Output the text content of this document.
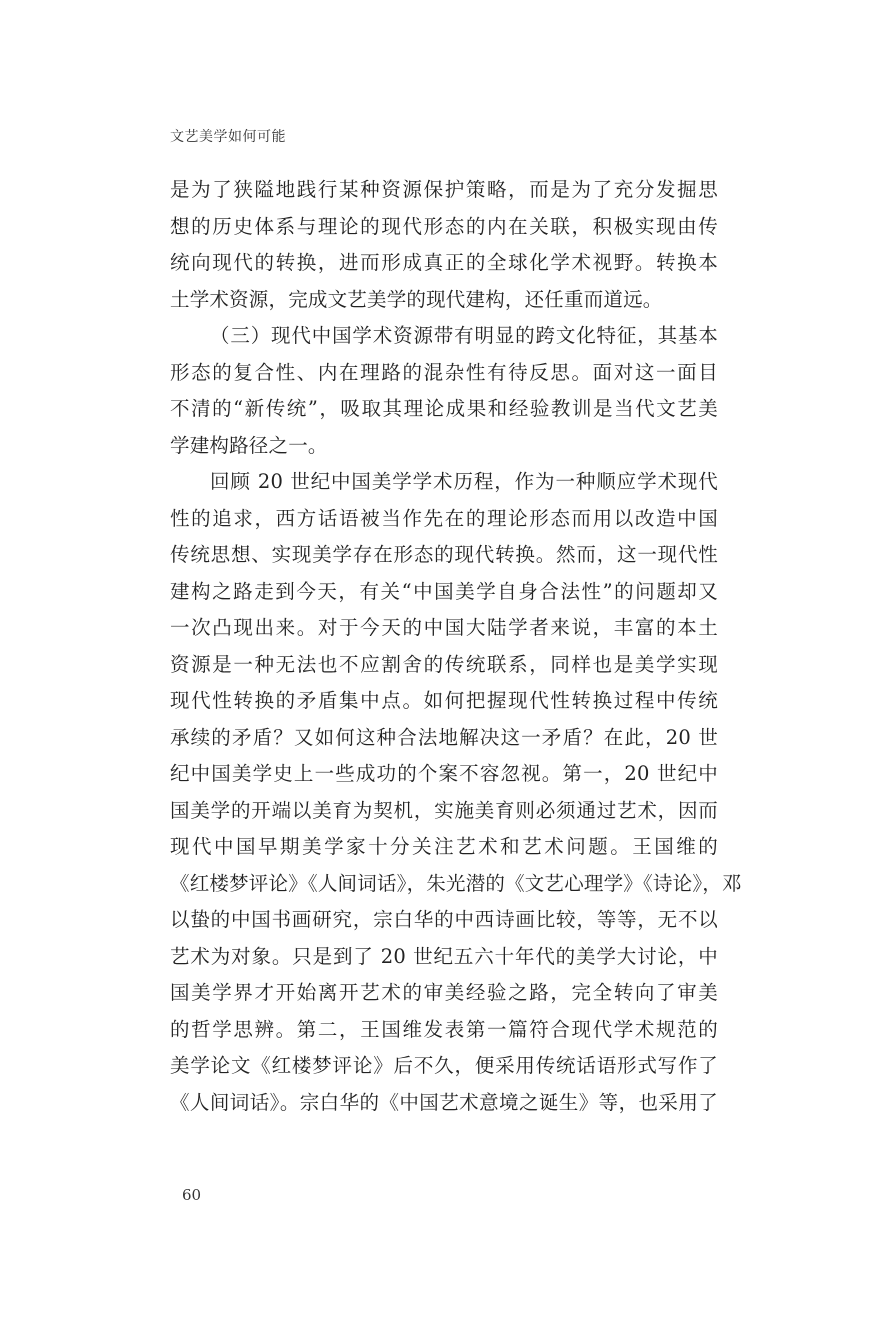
文艺美学如何可能
是为了狭隘地践行某种资源保护策略，而是为了充分发掘思
想的历史体系与理论的现代形态的内在关联，积极实现由传
统向现代的转换，进而形成真正的全球化学术视野。转换本
土学术资源，完成文艺美学的现代建构，还任重而道远。
（三）现代中国学术资源带有明显的跨文化特征，其基本
形态的复合性、内在理路的混杂性有待反思。面对这一面目
不清的“新传统”，吸取其理论成果和经验教训是当代文艺美
学建构路径之一。
回顾 20 世纪中国美学学术历程，作为一种顺应学术现代
性的追求，西方话语被当作先在的理论形态而用以改造中国
传统思想、实现美学存在形态的现代转换。然而，这一现代性
建构之路走到今天，有关“中国美学自身合法性”的问题却又
一次凸现出来。对于今天的中国大陆学者来说，丰富的本土
资源是一种无法也不应割舍的传统联系，同样也是美学实现
现代性转换的矛盾集中点。如何把握现代性转换过程中传统
承续的矛盾？又如何这种合法地解决这一矛盾？在此，20 世
纪中国美学史上一些成功的个案不容忽视。第一，20 世纪中
国美学的开端以美育为契机，实施美育则必须通过艺术，因而
现代中国早期美学家十分关注艺术和艺术问题。王国维的
《红楼梦评论》《人间词话》，朱光潜的《文艺心理学》《诗论》，邓
以蛰的中国书画研究，宗白华的中西诗画比较，等等，无不以
艺术为对象。只是到了 20 世纪五六十年代的美学大讨论，中
国美学界才开始离开艺术的审美经验之路，完全转向了审美
的哲学思辨。第二，王国维发表第一篇符合现代学术规范的
美学论文《红楼梦评论》后不久，便采用传统话语形式写作了
《人间词话》。宗白华的《中国艺术意境之诞生》等，也采用了
60
